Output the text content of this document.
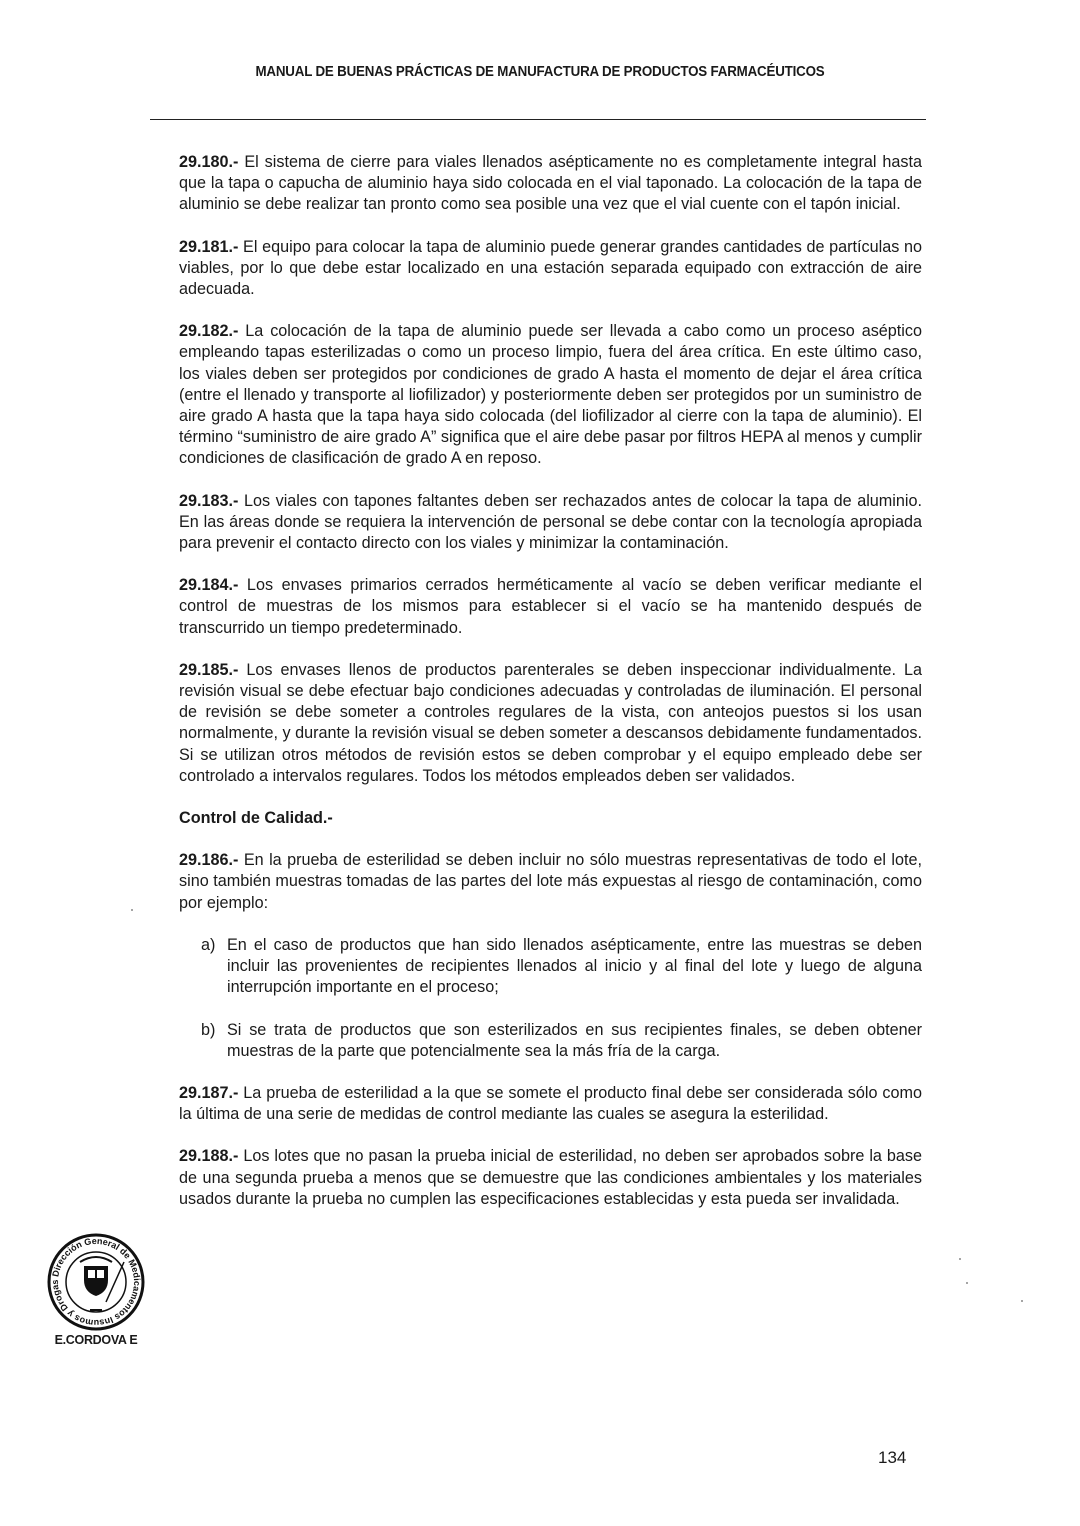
MANUAL DE BUENAS PRÁCTICAS DE MANUFACTURA DE PRODUCTOS FARMACÉUTICOS

29.180.- El sistema de cierre para viales llenados asépticamente no es completamente integral hasta que la tapa o capucha de aluminio haya sido colocada en el vial taponado. La colocación de la tapa de aluminio se debe realizar tan pronto como sea posible una vez que el vial cuente con el tapón inicial.

29.181.- El equipo para colocar la tapa de aluminio puede generar grandes cantidades de partículas no viables, por lo que debe estar localizado en una estación separada equipado con extracción de aire adecuada.

29.182.- La colocación de la tapa de aluminio puede ser llevada a cabo como un proceso aséptico empleando tapas esterilizadas o como un proceso limpio, fuera del área crítica. En este último caso, los viales deben ser protegidos por condiciones de grado A hasta el momento de dejar el área crítica (entre el llenado y transporte al liofilizador) y posteriormente deben ser protegidos por un suministro de aire grado A hasta que la tapa haya sido colocada (del liofilizador al cierre con la tapa de aluminio). El término “suministro de aire grado A” significa que el aire debe pasar por filtros HEPA al menos y cumplir condiciones de clasificación de grado A en reposo.

29.183.- Los viales con tapones faltantes deben ser rechazados antes de colocar la tapa de aluminio. En las áreas donde se requiera la intervención de personal se debe contar con la tecnología apropiada para prevenir el contacto directo con los viales y minimizar la contaminación.

29.184.- Los envases primarios cerrados herméticamente al vacío se deben verificar mediante el control de muestras de los mismos para establecer si el vacío se ha mantenido después de transcurrido un tiempo predeterminado.

29.185.- Los envases llenos de productos parenterales se deben inspeccionar individualmente. La revisión visual se debe efectuar bajo condiciones adecuadas y controladas de iluminación. El personal de revisión se debe someter a controles regulares de la vista, con anteojos puestos si los usan normalmente, y durante la revisión visual se deben someter a descansos debidamente fundamentados. Si se utilizan otros métodos de revisión estos se deben comprobar y el equipo empleado debe ser controlado a intervalos regulares. Todos los métodos empleados deben ser validados.

Control de Calidad.-

29.186.- En la prueba de esterilidad se deben incluir no sólo muestras representativas de todo el lote, sino también muestras tomadas de las partes del lote más expuestas al riesgo de contaminación, como por ejemplo:

a) En el caso de productos que han sido llenados asépticamente, entre las muestras se deben incluir las provenientes de recipientes llenados al inicio y al final del lote y luego de alguna interrupción importante en el proceso;
b) Si se trata de productos que son esterilizados en sus recipientes finales, se deben obtener muestras de la parte que potencialmente sea la más fría de la carga.

29.187.- La prueba de esterilidad a la que se somete el producto final debe ser considerada sólo como la última de una serie de medidas de control mediante las cuales se asegura la esterilidad.

29.188.- Los lotes que no pasan la prueba inicial de esterilidad, no deben ser aprobados sobre la base de una segunda prueba a menos que se demuestre que las condiciones ambientales y los materiales usados durante la prueba no cumplen las especificaciones establecidas y esta pueda ser invalidada.

Dirección General de Medicamentos Insumos y Drogas
E.CORDOVA E
134
